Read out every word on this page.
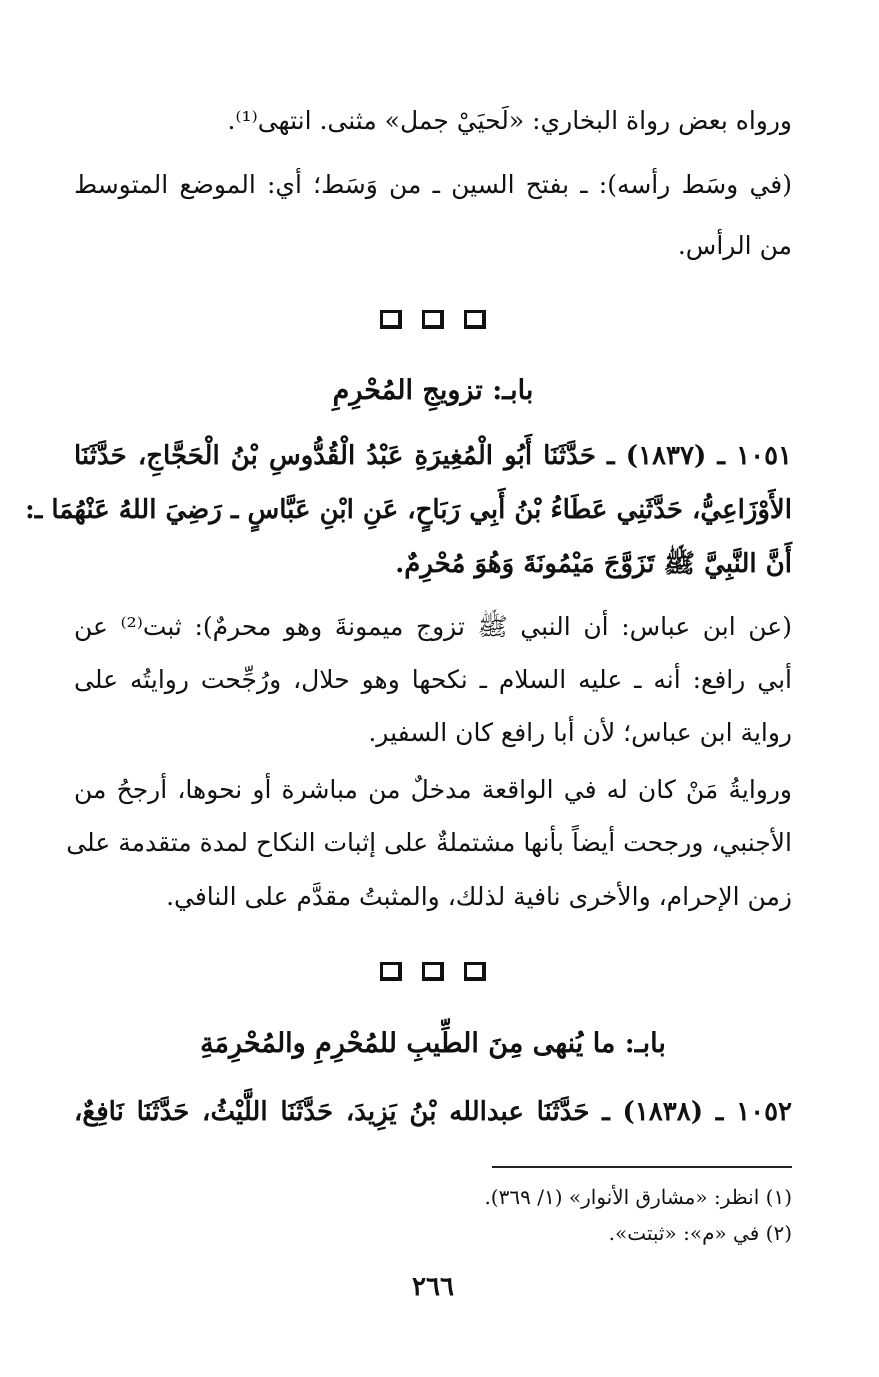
ورواه بعض رواة البخاري: «لَحيَيْ جمل» مثنى. انتهى⁽¹⁾.
(في وسَط رأسه): ـ بفتح السين ـ من وَسَط؛ أي: الموضع المتوسط
من الرأس.
بابـ: تزويجِ المُحْرِمِ
١٠٥١ ـ (١٨٣٧) ـ حَدَّثَنَا أَبُو الْمُغِيرَةِ عَبْدُ الْقُدُّوسِ بْنُ الْحَجَّاجِ، حَدَّثَنَا
الأَوْزَاعِيُّ، حَدَّثَنِي عَطَاءُ بْنُ أَبِي رَبَاحٍ، عَنِ ابْنِ عَبَّاسٍ ـ رَضِيَ اللهُ عَنْهُمَا ـ:
أَنَّ النَّبِيَّ ﷺ تَزَوَّجَ مَيْمُونَةَ وَهُوَ مُحْرِمٌ.
(عن ابن عباس: أن النبي ﷺ تزوج ميمونةَ وهو محرمٌ): ثبت⁽²⁾ عن
أبي رافع: أنه ـ عليه السلام ـ نكحها وهو حلال، ورُجِّحت روايتُه على
رواية ابن عباس؛ لأن أبا رافع كان السفير.
وروايةُ مَنْ كان له في الواقعة مدخلٌ من مباشرة أو نحوها، أرجحُ من
الأجنبي، ورجحت أيضاً بأنها مشتملةٌ على إثبات النكاح لمدة متقدمة على
زمن الإحرام، والأخرى نافية لذلك، والمثبتُ مقدَّم على النافي.
بابـ: ما يُنهى مِنَ الطِّيبِ للمُحْرِمِ والمُحْرِمَةِ
١٠٥٢ ـ (١٨٣٨) ـ حَدَّثَنَا عبدالله بْنُ يَزِيدَ، حَدَّثَنَا اللَّيْثُ، حَدَّثَنَا نَافِعٌ،
(١) انظر: «مشارق الأنوار» (١/ ٣٦٩).
(٢) في «م»: «ثبتت».
٢٦٦
